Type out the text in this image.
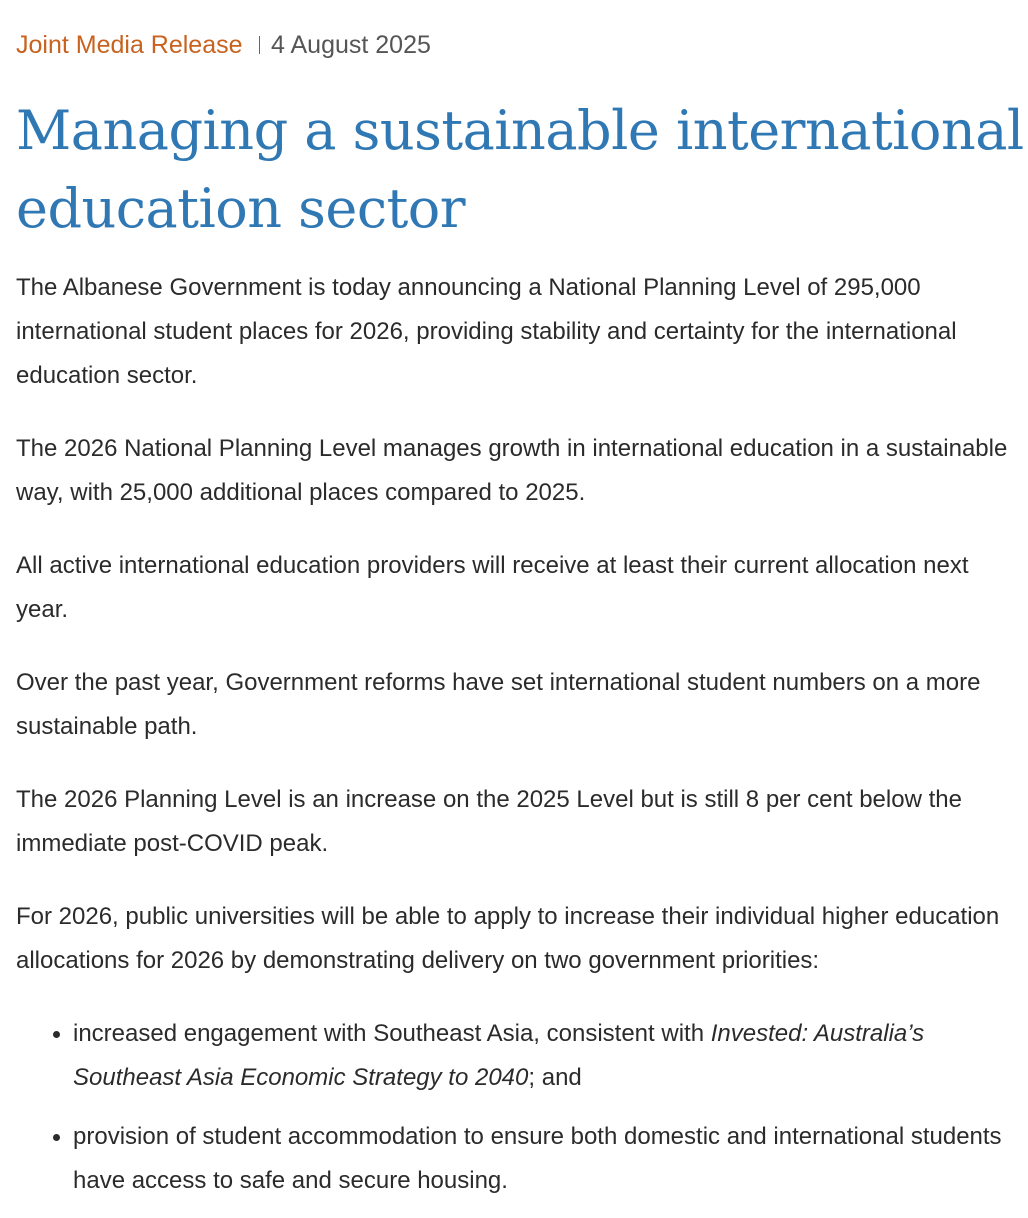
Joint Media Release 4 August 2025
Managing a sustainable international education sector

The Albanese Government is today announcing a National Planning Level of 295,000 international student places for 2026, providing stability and certainty for the international education sector.

The 2026 National Planning Level manages growth in international education in a sustainable way, with 25,000 additional places compared to 2025.

All active international education providers will receive at least their current allocation next year.

Over the past year, Government reforms have set international student numbers on a more sustainable path.

The 2026 Planning Level is an increase on the 2025 Level but is still 8 per cent below the immediate post-COVID peak.

For 2026, public universities will be able to apply to increase their individual higher education allocations for 2026 by demonstrating delivery on two government priorities:

increased engagement with Southeast Asia, consistent with Invested: Australia’s Southeast Asia Economic Strategy to 2040; and
provision of student accommodation to ensure both domestic and international students have access to safe and secure housing.
